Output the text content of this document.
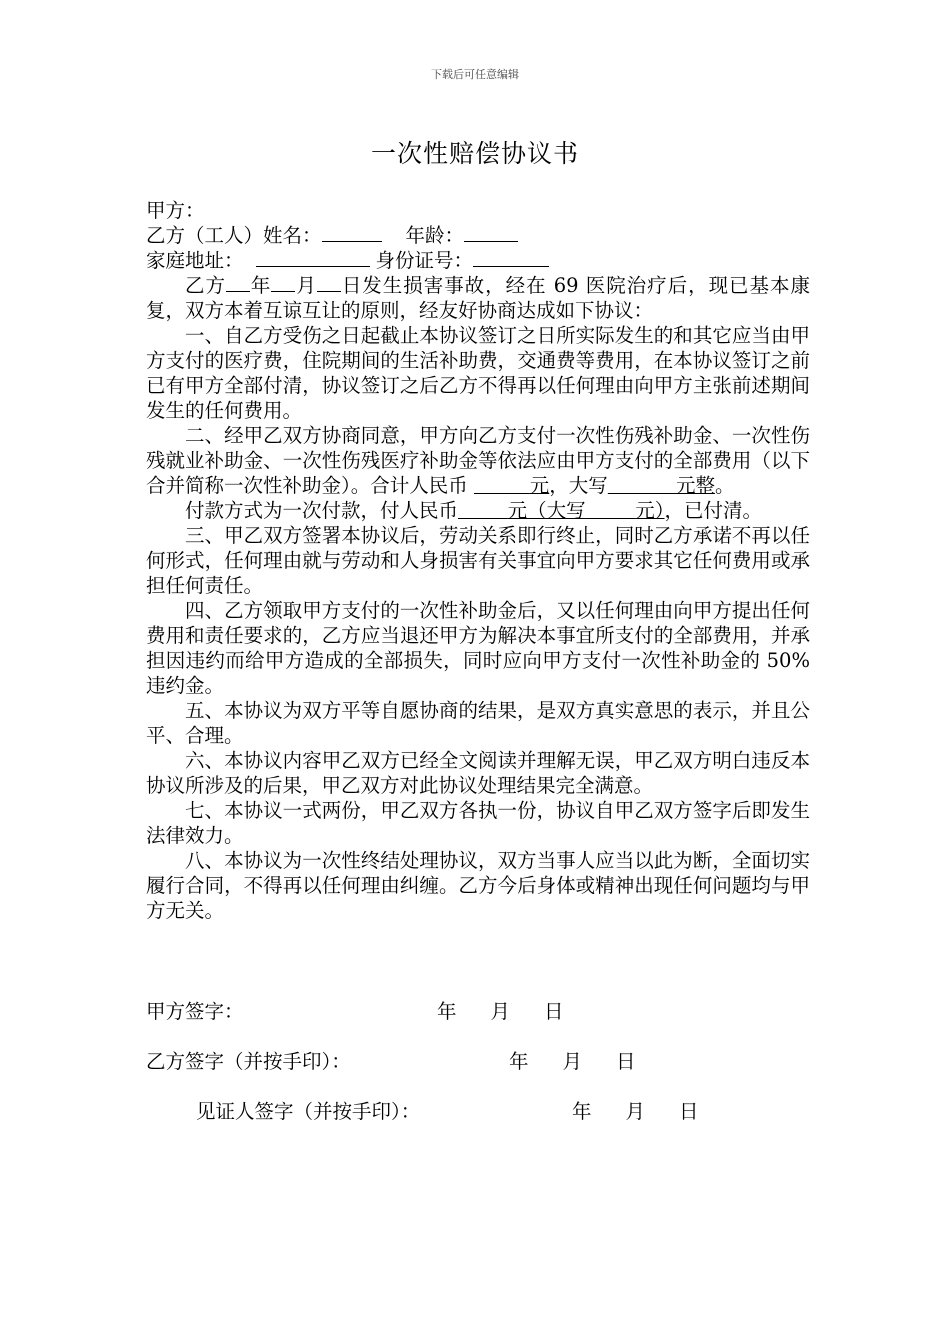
下载后可任意编辑
一次性赔偿协议书
甲方：
乙方（工人）姓名：	年龄：
家庭地址：	身份证号：

乙方 年 月 日发生损害事故，经在 69 医院治疗后，现已基本康复，双方本着互谅互让的原则，经友好协商达成如下协议：

一、自乙方受伤之日起截止本协议签订之日所实际发生的和其它应当由甲方支付的医疗费，住院期间的生活补助费，交通费等费用，在本协议签订之前已有甲方全部付清，协议签订之后乙方不得再以任何理由向甲方主张前述期间发生的任何费用。

二、经甲乙双方协商同意，甲方向乙方支付一次性伤残补助金、一次性伤残就业补助金、一次性伤残医疗补助金等依法应由甲方支付的全部费用（以下合并简称一次性补助金）。合计人民币	元，大写	元整。

付款方式为一次付款，付人民币	元（大写	元），已付清。

三、甲乙双方签署本协议后，劳动关系即行终止，同时乙方承诺不再以任何形式，任何理由就与劳动和人身损害有关事宜向甲方要求其它任何费用或承担任何责任。

四、乙方领取甲方支付的一次性补助金后，又以任何理由向甲方提出任何费用和责任要求的，乙方应当退还甲方为解决本事宜所支付的全部费用，并承担因违约而给甲方造成的全部损失，同时应向甲方支付一次性补助金的 50%违约金。

五、本协议为双方平等自愿协商的结果，是双方真实意思的表示，并且公平、合理。

六、本协议内容甲乙双方已经全文阅读并理解无误，甲乙双方明白违反本协议所涉及的后果，甲乙双方对此协议处理结果完全满意。

七、本协议一式两份，甲乙双方各执一份，协议自甲乙双方签字后即发生法律效力。

八、本协议为一次性终结处理协议，双方当事人应当以此为断，全面切实履行合同，不得再以任何理由纠缠。乙方今后身体或精神出现任何问题均与甲方无关。

甲方签字：	年 月 日
乙方签字（并按手印）：	年 月 日
见证人签字（并按手印）：	年 月 日
